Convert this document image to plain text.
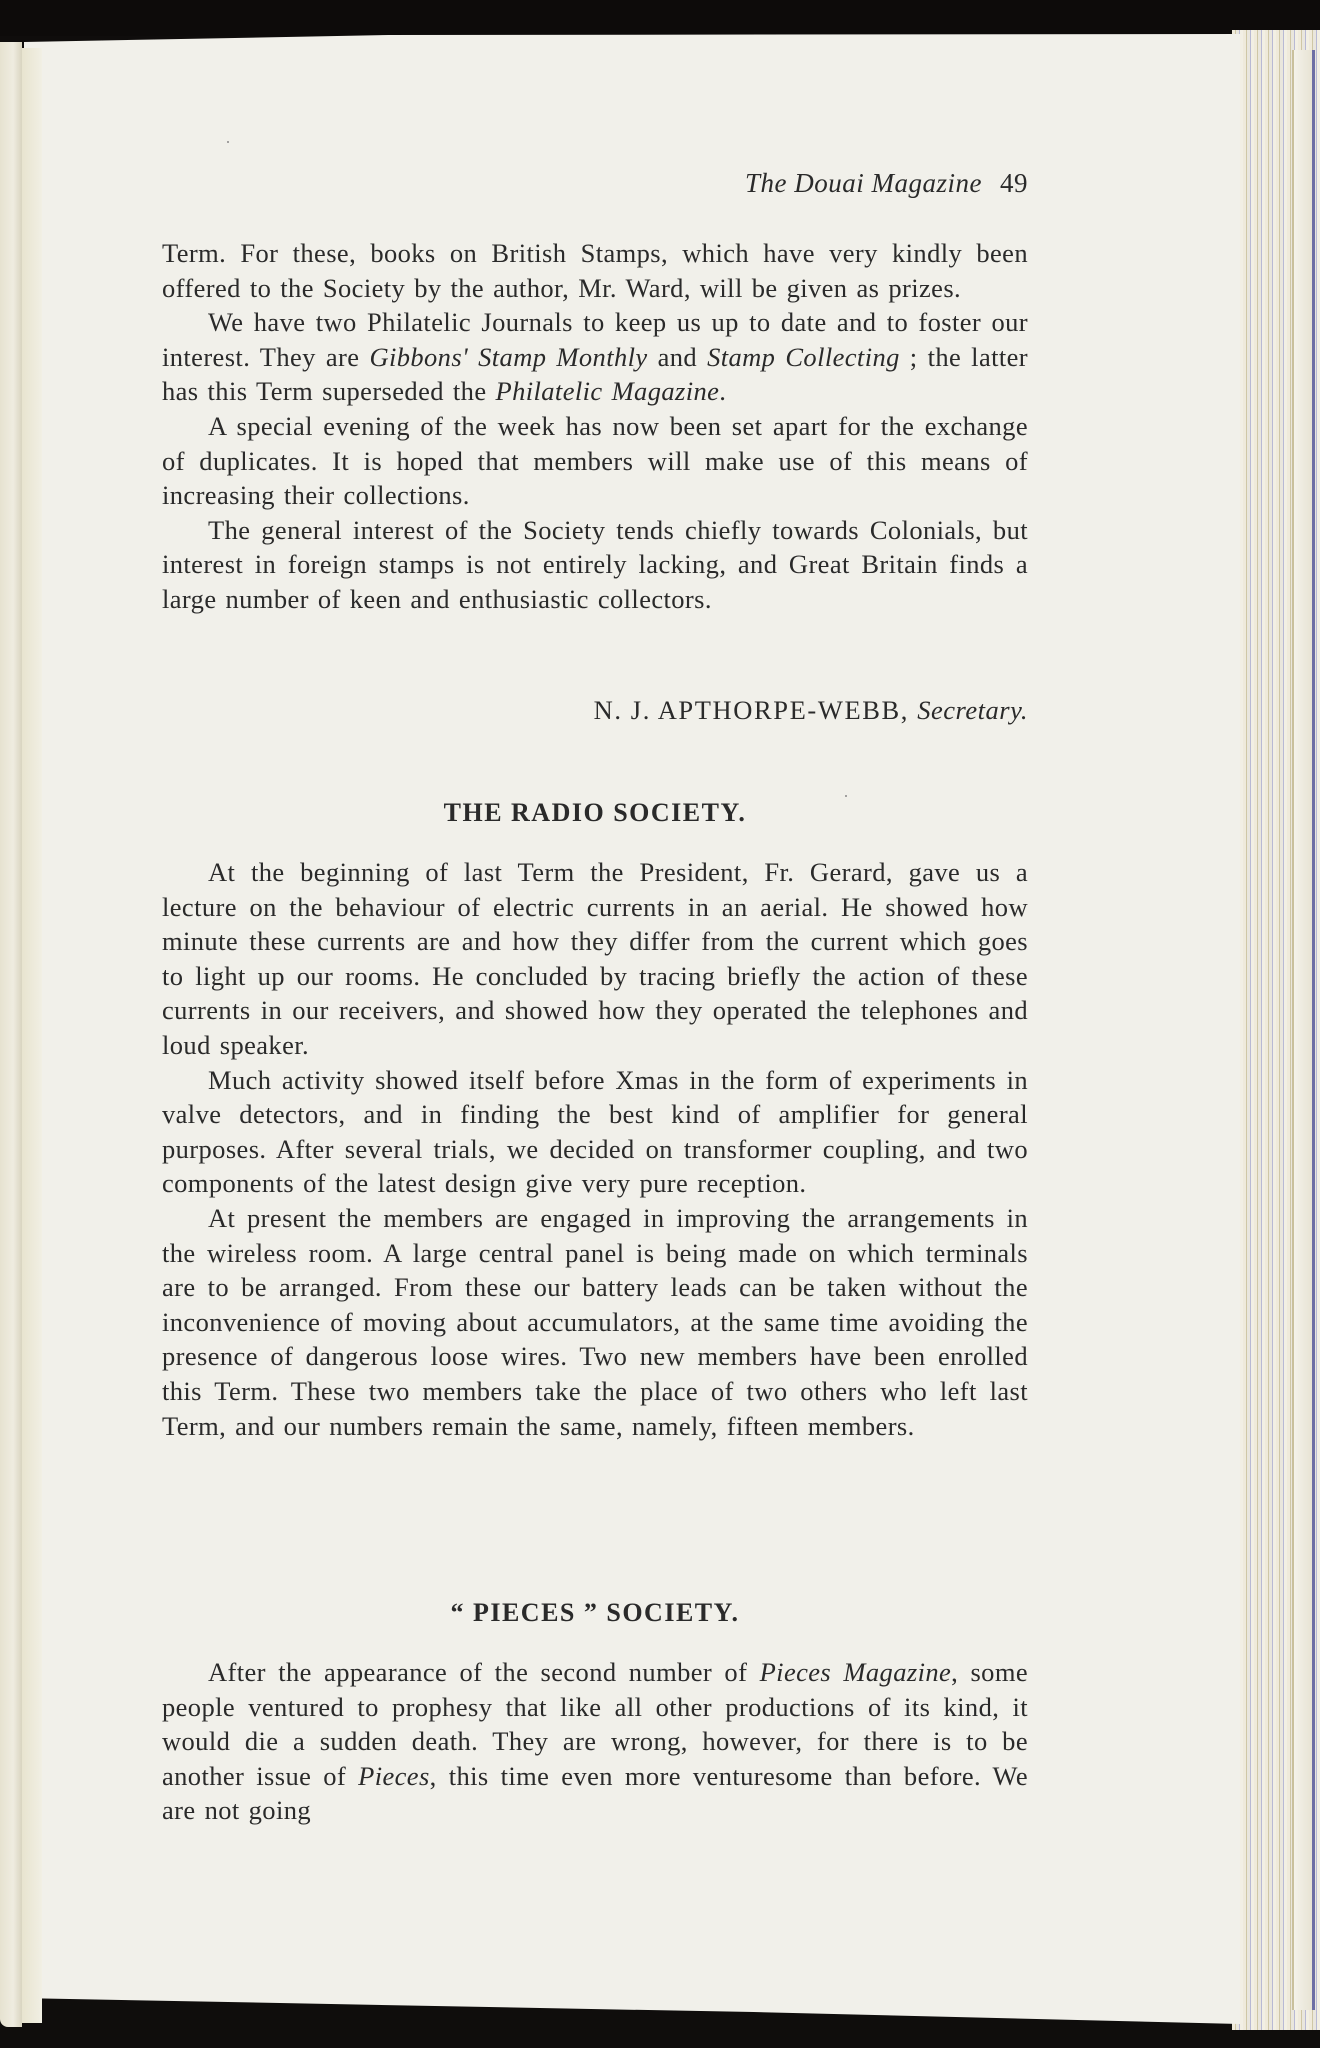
The Douai Magazine 49

Term. For these, books on British Stamps, which have very kindly been offered to the Society by the author, Mr. Ward, will be given as prizes.

We have two Philatelic Journals to keep us up to date and to foster our interest. They are Gibbons' Stamp Monthly and Stamp Collecting ; the latter has this Term superseded the Philatelic Magazine.

A special evening of the week has now been set apart for the exchange of duplicates. It is hoped that members will make use of this means of increasing their collections.

The general interest of the Society tends chiefly towards Colonials, but interest in foreign stamps is not entirely lacking, and Great Britain finds a large number of keen and enthusiastic collectors.

N. J. APTHORPE-WEBB, Secretary.
THE RADIO SOCIETY.

At the beginning of last Term the President, Fr. Gerard, gave us a lecture on the behaviour of electric currents in an aerial. He showed how minute these currents are and how they differ from the current which goes to light up our rooms. He concluded by tracing briefly the action of these currents in our receivers, and showed how they operated the telephones and loud speaker.

Much activity showed itself before Xmas in the form of experiments in valve detectors, and in finding the best kind of amplifier for general purposes. After several trials, we decided on transformer coupling, and two components of the latest design give very pure reception.

At present the members are engaged in improving the arrangements in the wireless room. A large central panel is being made on which terminals are to be arranged. From these our battery leads can be taken without the inconvenience of moving about accumulators, at the same time avoiding the presence of dangerous loose wires. Two new members have been enrolled this Term. These two members take the place of two others who left last Term, and our numbers remain the same, namely, fifteen members.

“ PIECES ” SOCIETY.

After the appearance of the second number of Pieces Magazine, some people ventured to prophesy that like all other productions of its kind, it would die a sudden death. They are wrong, however, for there is to be another issue of Pieces, this time even more venturesome than before. We are not going
